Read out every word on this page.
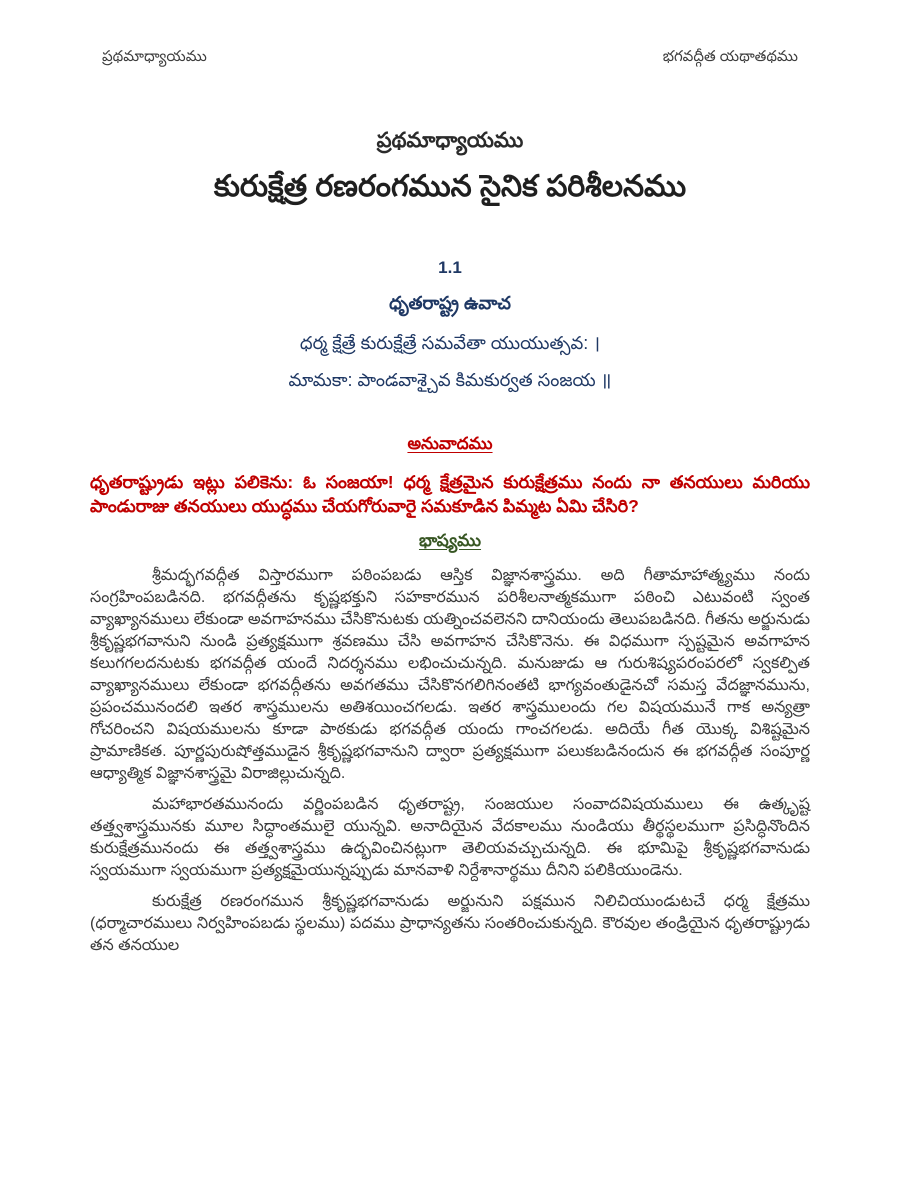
ప్రథమాధ్యాయము	భగవద్గీత యథాతథము
ప్రథమాధ్యాయము
కురుక్షేత్ర రణరంగమున సైనిక పరిశీలనము
1.1
ధృతరాష్ట్ర ఉవాచ
ధర్మ క్షేత్రే కురుక్షేత్రే సమవేతా యుయుత్సవ: ।
మామకా: పాండవాశ్చైవ కిమకుర్వత సంజయ ॥
అనువాదము

ధృతరాష్ట్రుడు ఇట్లు పలికెను: ఓ సంజయా! ధర్మ క్షేత్రమైన కురుక్షేత్రము నందు నా తనయులు మరియు పాండురాజు తనయులు యుద్ధము చేయగోరువారై సమకూడిన పిమ్మట ఏమి చేసిరి?

భాష్యము

శ్రీమద్భగవద్గీత విస్తారముగా పఠింపబడు ఆస్తిక విజ్ఞానశాస్త్రము. అది గీతామాహాత్మ్యము నందు సంగ్రహింపబడినది. భగవద్గీతను కృష్ణభక్తుని సహకారమున పరిశీలనాత్మకముగా పఠించి ఎటువంటి స్వంత వ్యాఖ్యానములు లేకుండా అవగాహనము చేసికొనుటకు యత్నించవలెనని దానియందు తెలుపబడినది. గీతను అర్జునుడు శ్రీకృష్ణభగవానుని నుండి ప్రత్యక్షముగా శ్రవణము చేసి అవగాహన చేసికొనెను. ఈ విధముగా స్పష్టమైన అవగాహన కలుగగలదనుటకు భగవద్గీత యందే నిదర్శనము లభించుచున్నది. మనుజుడు ఆ గురుశిష్యపరంపరలో స్వకల్పిత వ్యాఖ్యానములు లేకుండా భగవద్గీతను అవగతము చేసికొనగలిగినంతటి భాగ్యవంతుడైనచో సమస్త వేదజ్ఞానమును, ప్రపంచమునందలి ఇతర శాస్త్రములను అతిశయించగలడు. ఇతర శాస్త్రములందు గల విషయమునే గాక అన్యత్రా గోచరించని విషయములను కూడా పాఠకుడు భగవద్గీత యందు గాంచగలడు. అదియే గీత యొక్క విశిష్టమైన ప్రామాణికత. పూర్ణపురుషోత్తముడైన శ్రీకృష్ణభగవానుని ద్వారా ప్రత్యక్షముగా పలుకబడినందున ఈ భగవద్గీత సంపూర్ణ ఆధ్యాత్మిక విజ్ఞానశాస్త్రమై విరాజిల్లుచున్నది.

మహాభారతమునందు వర్ణింపబడిన ధృతరాష్ట్ర, సంజయుల సంవాదవిషయములు ఈ ఉత్కృష్ట తత్త్వశాస్త్రమునకు మూల సిద్ధాంతములై యున్నవి. అనాదియైన వేదకాలము నుండియు తీర్థస్థలముగా ప్రసిద్ధినొందిన కురుక్షేత్రమునందు ఈ తత్త్వశాస్త్రము ఉద్భవించినట్లుగా తెలియవచ్చుచున్నది. ఈ భూమిపై శ్రీకృష్ణభగవానుడు స్వయముగా స్వయముగా ప్రత్యక్షమైయున్నప్పుడు మానవాళి నిర్దేశానార్థము దీనిని పలికియుండెను.

కురుక్షేత్ర రణరంగమున శ్రీకృష్ణభగవానుడు అర్జునుని పక్షమున నిలిచియుండుటచే ధర్మ క్షేత్రము (ధర్మాచారములు నిర్వహింపబడు స్థలము) పదము ప్రాధాన్యతను సంతరించుకున్నది. కౌరవుల తండ్రియైన ధృతరాష్ట్రుడు తన తనయుల
